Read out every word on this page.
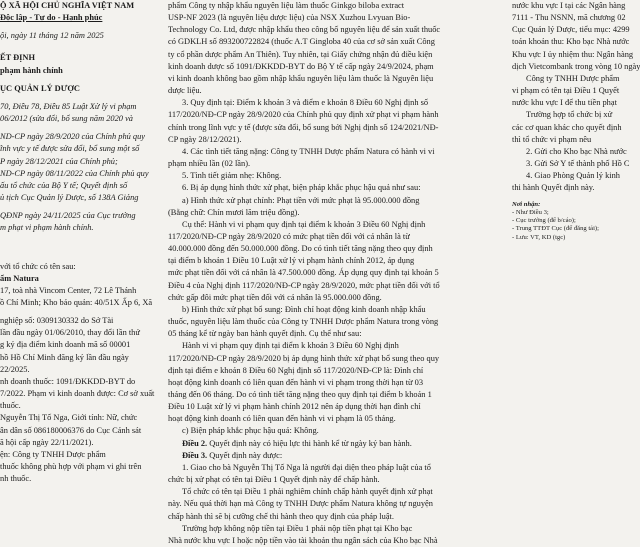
Ộ XÃ HỘI CHỦ NGHĨA VIỆT NAM
Độc lập - Tự do - Hạnh phúc
ội, ngày 11 tháng 12 năm 2025
ẾT ĐỊNH
phạm hành chính
ỤC QUẢN LÝ DƯỢC
70, Điều 78, Điều 85 Luật Xử lý vi phạm
06/2012 (sửa đổi, bổ sung năm 2020 và
ND-CP ngày 28/9/2020 của Chính phủ quy
ĩnh vực y tế được sửa đổi, bổ sung một số
P ngày 28/12/2021 của Chính phủ;
ND-CP ngày 08/11/2022 của Chính phủ quy
ấu tổ chức của Bộ Y tế; Quyết định số
ủ tịch Cục Quản lý Dược, số 138A Giảng
QĐNP ngày 24/11/2025 của Cục trưởng
m phạt vi phạm hành chính.
với tổ chức có tên sau:
ẩm Natura
17, toà nhà Vincom Center, 72 Lê Thánh
ồ Chí Minh; Kho bảo quản: 40/51X Ấp 6, Xã
nghiệp số: 0309130332 do Sở Tài
lần đầu ngày 01/06/2010, thay đổi lần thứ
g ký địa điểm kinh doanh mã số 00001
hồ Hồ Chí Minh đăng ký lần đầu ngày
22/2025.
nh doanh thuốc: 1091/ĐKKDD-BYT do
7/2022. Phạm vi kinh doanh được: Cơ sở xuất
thuốc.
Nguyễn Thị Tố Nga, Giới tính: Nữ, chức
ân dân số 086180006376 do Cục Cảnh sát
ã hội cấp ngày 22/11/2021).
ện: Công ty TNHH Dược phẩm
thuốc không phù hợp với phạm vi ghi trên
nh thuốc.
phẩm Công ty nhập khẩu nguyên liệu làm thuốc Ginkgo biloba extract
USP-NF 2023 (là nguyên liệu dược liệu) của NSX Xuzhou Lvyuan Bio-
Technology Co. Ltd, được nhập khẩu theo công bố nguyên liệu để sản xuất thuốc
có GDKLH số 893200722824 (thuốc A.T Gingloba 40 của cơ sở sản xuất Công
ty cổ phần dược phẩm An Thiên). Tuy nhiên, tại Giấy chứng nhận đủ điều kiện
kinh doanh dược số 1091/ĐKKDD-BYT do Bộ Y tế cấp ngày 24/9/2024, phạm
vi kinh doanh không bao gồm nhập khẩu nguyên liệu làm thuốc là Nguyên liệu
dược liệu.
3. Quy định tại: Điểm k khoản 3 và điểm e khoản 8 Điều 60 Nghị định số
117/2020/NĐ-CP ngày 28/9/2020 của Chính phủ quy định xử phạt vi phạm hành
chính trong lĩnh vực y tế (được sửa đổi, bổ sung bởi Nghị định số 124/2021/NĐ-
CP ngày 28/12/2021).
4. Các tình tiết tăng nặng: Công ty TNHH Dược phẩm Natura có hành vi vi
phạm nhiều lần (02 lần).
5. Tình tiết giảm nhẹ: Không.
6. Bị áp dụng hình thức xử phạt, biện pháp khắc phục hậu quả như sau:
a) Hình thức xử phạt chính: Phạt tiền với mức phạt là 95.000.000 đồng
(Bằng chữ: Chín mươi lăm triệu đồng).
Cụ thể: Hành vi vi phạm quy định tại điểm k khoản 3 Điều 60 Nghị định
117/2020/NĐ-CP ngày 28/9/2020 có mức phạt tiền đối với cá nhân là từ
40.000.000 đồng đến 50.000.000 đồng. Do có tình tiết tăng nặng theo quy định
tại điểm b khoản 1 Điều 10 Luật xử lý vi phạm hành chính 2012, áp dụng
mức phạt tiền đối với cá nhân là 47.500.000 đồng. Áp dụng quy định tại khoản 5
Điều 4 của Nghị định 117/2020/NĐ-CP ngày 28/9/2020, mức phạt tiền đối với tổ
chức gấp đôi mức phạt tiền đối với cá nhân là 95.000.000 đồng.
b) Hình thức xử phạt bổ sung: Đình chỉ hoạt động kinh doanh nhập khẩu
thuốc, nguyên liệu làm thuốc của Công ty TNHH Dược phẩm Natura trong vòng
05 tháng kể từ ngày ban hành quyết định. Cụ thể như sau:
Hành vi vi phạm quy định tại điểm k khoản 3 Điều 60 Nghị định
117/2020/NĐ-CP ngày 28/9/2020 bị áp dụng hình thức xử phạt bổ sung theo quy
định tại điểm e khoản 8 Điều 60 Nghị định số 117/2020/NĐ-CP là: Đình chỉ
hoạt động kinh doanh có liên quan đến hành vi vi phạm trong thời hạn từ 03
tháng đến 06 tháng. Do có tình tiết tăng nặng theo quy định tại điểm b khoản 1
Điều 10 Luật xử lý vi phạm hành chính 2012 nên áp dụng thời hạn đình chỉ
hoạt động kinh doanh có liên quan đến hành vi vi phạm là 05 tháng.
c) Biện pháp khắc phục hậu quả: Không.
Điều 2. Quyết định này có hiệu lực thi hành kể từ ngày ký ban hành.
Điều 3. Quyết định này được:
1. Giao cho bà Nguyễn Thị Tố Nga là người đại diện theo pháp luật của tổ
chức bị xử phạt có tên tại Điều 1 Quyết định này để chấp hành.
Tổ chức có tên tại Điều 1 phải nghiêm chỉnh chấp hành quyết định xử phạt
này. Nếu quá thời hạn mà Công ty TNHH Dược phẩm Natura không tự nguyện
chấp hành thì sẽ bị cưỡng chế thi hành theo quy định của pháp luật.
Trường hợp không nộp tiền tại Điều 1 phải nộp tiền phạt tại Kho bạc
Nhà nước khu vực I hoặc nộp tiền vào tài khoản thu ngân sách của Kho bạc Nhà
nước khu vực I tại các Ngân hàng
7111 - Thu NSNN, mã chương 02
Cục Quản lý Dược, tiểu mục: 4299
toán khoản thu: Kho bạc Nhà nước
Khu vực I ủy nhiệm thu: Ngân hàng
dịch Vietcombank trong vòng 10 ngày
Công ty TNHH Dược phẩm
vi phạm có tên tại Điều 1 Quyết
nước khu vực I để thu tiền phạt
Trường hợp tổ chức bị xử
các cơ quan khác cho quyết định
thì tổ chức vi phạm nêu
2. Gửi cho Kho bạc Nhà nước
3. Gửi Sở Y tế thành phố Hồ C
4. Giao Phòng Quản lý kinh
thi hành Quyết định này.
Nơi nhận:
- Như Điều 3;
- Cục trưởng (để b/cáo);
- Trung TTĐT Cục (để đăng tải);
- Lưu: VT, KD (tgc)
